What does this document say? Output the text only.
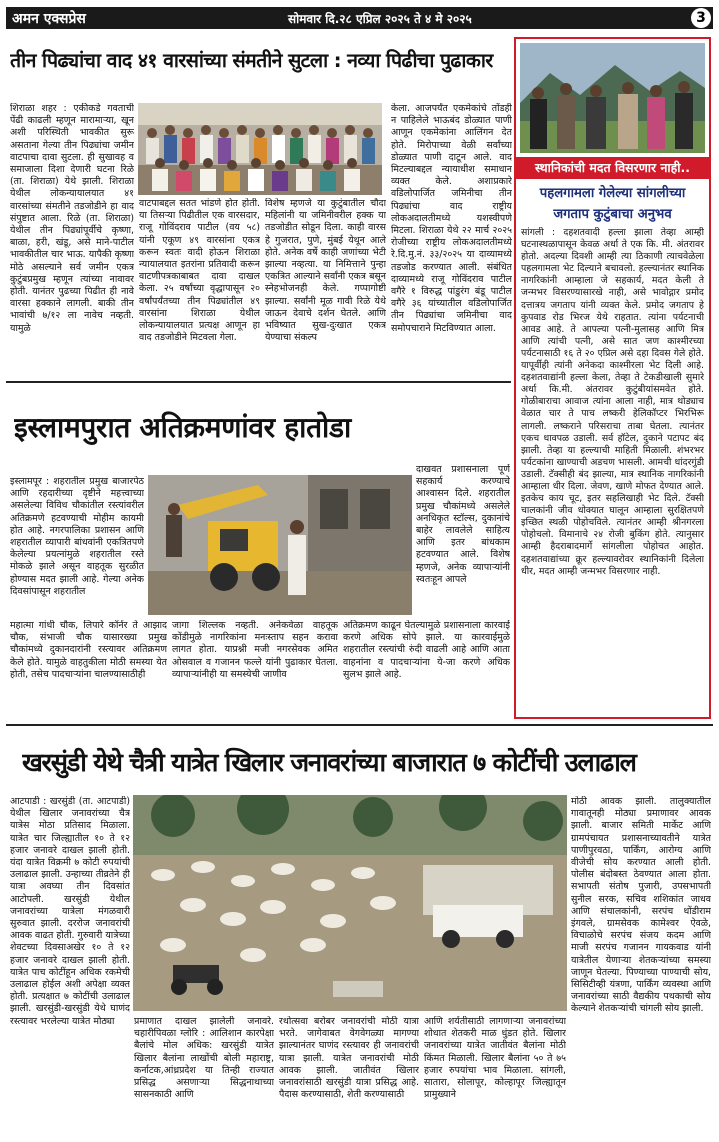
अमन एक्सप्रेस	सोमवार दि.२८ एप्रिल २०२५ ते ४ मे २०२५	3
तीन पिढ्यांचा वाद ४१ वारसांच्या संमतीने सुटला : नव्या पिढीचा पुढाकार

शिराळा शहर : एकीकडे गवताची पेंढी काढली म्हणून मारामार्‍या, खून अशी परिस्थिती भावकीत सुरू असताना गेल्या तीन पिढ्यांचा जमीन वाटपाचा दावा सुटला. ही सुखावह व समाजाला दिशा देणारी घटना रिळे (ता. शिराळा) येथे झाली. शिराळा येथील लोकन्यायालयात ४१ वारसांच्या संमतीने तडजोडीने हा वाद संपुष्टात आला. रिळे (ता. शिराळा) येथील तीन पिढ्यांपूर्वीचे कृष्णा, बाळा, हरी, खंडू, असे माने-पाटील भावकीतील चार भाऊ. यापैकी कृष्णा मोठे असल्याने सर्व जमीन एकत्र कुटुंबप्रमुख म्हणून त्यांच्या नावावर होती. यानंतर पुढच्या पिढीत ही नावे वारसा हक्काने लागली. बाकी तीन भावांची ७/१२ ला नावेच नव्हती. यामुळे

वाटपाबद्दल सतत भांडणे होत होती. या तिसर्‍या पिढीतील एक वारसदार, राजू गोविंदराव पाटील (वय ५८) यांनी एकूण ४९ वारसांना एकत्र करून स्वतः वादी होऊन शिराळा न्यायालयात इतरांना प्रतिवादी करून वाटणीपत्रकाबाबत दावा दाखल केला. २५ वर्षांच्या वृद्धापासून २० वर्षांपर्यंतच्या तीन पिढ्यांतील ४९ वारसांना शिराळा येथील लोकन्यायालयात प्रत्यक्ष आणून हा वाद तडजोडीने मिटवला गेला.

विशेष म्हणजे या कुटुंबातील चौदा महिलांनी या जमिनीवरील हक्क या तडजोडीत सोडून दिला. काही वारस हे गुजरात, पुणे, मुंबई येथून आले होते. अनेक वर्षे काही जणांच्या भेटी झाल्या नव्हत्या. या निमित्ताने पुन्हा एकत्रित आल्याने सर्वांनी एकत्र बसून स्नेहभोजनही केले. गप्पागोष्टी झाल्या. सर्वांनी मूळ गावी रिळे येथे जाऊन देवाचे दर्शन घेतले. आणि भविष्यात सुख-दुःखात एकत्र येण्याचा संकल्प

केला. आजपर्यंत एकमेकांचे तोंडही न पाहिलेले भाऊबंद डोळ्यात पाणी आणून एकमेकांना आलिंगन देत होते. मिरोपाच्या वेळी सर्वांच्या डोळ्यात पाणी दाटून आले. वाद मिटल्याबद्दल न्यायाधीश समाधान व्यक्त केले. अशाप्रकारे वडिलोपार्जित जमिनीचा तीन पिढ्यांचा वाद राष्ट्रीय लोकअदालतीमध्ये यशस्वीपणे मिटला. शिराळा येथे २२ मार्च २०२५ रोजीच्या राष्ट्रीय लोकअदालतीमध्ये रे.दि.मु.नं. ३३/२०२५ या दाव्यामध्ये तडजोड करण्यात आली. संबंधित दाव्यामध्ये राजू गोविंदराव पाटील वगैरे १ विरुद्ध पांडुरंग बंडू पाटील वगैरे ३६ यांच्यातील वडिलोपार्जित तीन पिढ्यांचा जमिनीचा वाद समोपचाराने मिटविण्यात आला.

स्थानिकांची मदत विसरणार नाही..
पहलगामला गेलेल्या सांगलीच्या
जगताप कुटुंबाचा अनुभव

सांगली : दहशतवादी हल्ला झाला तेव्हा आम्ही घटनास्थळापासून केवळ अर्धा ते एक कि. मी. अंतरावर होतो. अदल्या दिवशी आम्ही त्या ठिकाणी त्याचवेळेला पहलगामला भेट दिल्याने बचावलो. हल्ल्यानंतर स्थानिक नागरिकांनी आम्हाला जे सहकार्य, मदत केली ते जन्मभर विसरण्यासारखे नाही, असे भावोद्गार प्रमोद दत्तात्रय जगताप यांनी व्यक्त केले. प्रमोद जगताप हे कुपवाड रोड भिरज येथे राहतात. त्यांना पर्यटनाची आवड आहे. ते आपल्या पत्नी-मुलासह आणि मित्र आणि त्यांची पत्नी, असे सात जण काश्मीरच्या पर्यटनासाठी १६ ते २० एप्रिल असे दहा दिवस गेले होते. यापूर्वीही त्यांनी अनेकदा काश्मीरला भेट दिली आहे. दहशतवाद्यांनी हल्ला केला, तेव्हा ते टेकडीखाली सुमारे अर्धा कि.मी. अंतरावर कुटुंबीयांसमवेत होते. गोळीबाराचा आवाज त्यांना आला नाही, मात्र थोड्याच वेळात चार ते पाच लष्करी हेलिकॉप्टर भिरभिरू लागली. लष्कराने परिसराचा ताबा घेतला. त्यानंतर एकच धावपळ उडाली. सर्व हॉटेल, दुकाने पटापट बंद झाली. तेव्हा या हल्ल्याची माहिती मिळाली. शंभरभर पर्यटकांना खाण्याची अडचण भासली. आमची धांदरगुंडी उडाली. टॅक्सीही बंद झाल्या, मात्र स्थानिक नागरिकांनी आम्हाला धीर दिला. जेवण, खाणे मोफत देण्यात आले. इतकेच काय चूट, इतर सहलिखाही भेट दिले. टॅक्सी चालकांनी जीव धोक्यात घालून आम्हाला सुरक्षितपणे इच्छित स्थळी पोहोचविले. त्यानंतर आम्ही श्रीनगरला पोहोचलो. विमानाचे २४ रोजी बुकिंग होते. त्यानुसार आम्ही हैदराबादमार्गे सांगलीला पोहोचत आहोत. दहशतवाद्यांच्या क्रूर हल्ल्यावरोवर स्थानिकांनी दिलेला धीर, मदत आम्ही जन्मभर विसरणार नाही.

इस्लामपुरात अतिक्रमणांवर हातोडा

इस्लामपूर : शहरातील प्रमुख बाजारपेठ आणि रहदारीच्या दृष्टीने महत्त्वाच्या असलेल्या विविध चौकांतील रस्त्यांवरील अतिक्रमणे हटवण्याची मोहीम कायमी होत आहे. नगरपालिका प्रशासन आणि शहरातील व्यापारी बांधवांनी एकत्रितपणे केलेल्या प्रयत्नांमुळे शहरातील रस्ते मोकळे झाले असून वाहतूक सुरळीत होण्यास मदत झाली आहे. गेल्या अनेक दिवसांपासून शहरातील

दाखवत प्रशासनाला पूर्ण सहकार्य करण्याचे आश्वासन दिले. शहरातील प्रमुख चौकांमध्ये असलेले अनधिकृत स्टॉल्स, दुकानांचे बाहेर लावलेले साहित्य आणि इतर बांधकाम हटवण्यात आले. विशेष म्हणजे, अनेक व्यापार्‍यांनी स्वतःहून आपले

महात्मा गांधी चौक, लिपारे कॉर्नर ते आझाद चौक, संभाजी चौक यासारख्या प्रमुख चौकांमध्ये दुकानदारांनी रस्त्यावर अतिक्रमण केले होते. यामुळे वाहतुकीला मोठी समस्या येत होती, तसेच पादचार्‍यांना चालण्यासाठीही

जागा शिल्लक नव्हती. अनेकवेळा वाहतूक कोंडीमुळे नागरिकांना मनःस्ताप सहन करावा लागत होता. याप्रश्नी मजी नगरसेवक अमित ओसवाल व गजानन फल्ले यांनी पुढाकार घेतला. व्यापार्‍यांनीही या समस्येची जाणीव

अतिक्रमण काढून घेतल्यामुळे प्रशासनाला कारवाई करणे अधिक सोपे झाले. या कारवाईमुळे शहरातील रस्त्यांची रुंदी वाढली आहे आणि आता वाहनांना व पादचार्‍यांना ये-जा करणे अधिक सुलभ झाले आहे.

खरसुंडी येथे चैत्री यात्रेत खिलार जनावरांच्या बाजारात ७ कोटींची उलाढाल

आटपाडी : खरसुंडी (ता. आटपाडी) येथील खिलार जनावरांच्या चैत्र यात्रेस मोठा प्रतिसाद मिळाला. यात्रेत चार जिल्ह्यातील १० ते १२ हजार जनावरे दाखल झाली होती. यंदा यात्रेत विक्रमी ७ कोटी रुपयांची उलाढाल झाली. उन्हाच्या तीव्रतेने ही यात्रा अवघ्या तीन दिवसांत आटोपली. खरसुंडी येथील जनावरांच्या यात्रेला मंगळवारी सुरुवात झाली. दररोज जनावरांची आवक वाढत होती. गुरुवारी यात्रेच्या शेवटच्या दिवसाअखेर १० ते १२ हजार जनावरे दाखल झाली होती. यात्रेत पाच कोटींहून अधिक रकमेची उलाढाल होईल अशी अपेक्षा व्यक्त होती. प्रत्यक्षात ७ कोटींची उलाढाल झाली. खरसुंडी-खरसुंडी येथे घाणंद रस्त्यावर भरलेल्या यात्रेत मोठ्या

मोठी आवक झाली. तालुक्यातील गावातूनही मोठ्या प्रमाणावर आवक झाली. बाजार समिती मार्केट आणि ग्रामपंचायत प्रशासनाच्यावतीने यात्रेत पाणीपुरवठा, पार्किंग, आरोग्य आणि वीजेची सोय करण्यात आली होती. पोलीस बंदोबस्त ठेवण्यात आला होता. सभापती संतोष पुजारी, उपसभापती सुनील सरक, सचिव शशिकांत जाधव आणि संचालकांनी, सरपंच धोंडीराम इंगवले, ग्रामसेवक कामेश्वर ऐवळे, विचाळोचे सरपंच संजय कदम आणि माजी सरपंच गजानन गायकवाड यांनी यात्रेतील येणाऱ्या शेतकऱ्यांच्या समस्या जाणून घेतल्या. पिण्याच्या पाण्याची सोय, सिसिटीव्ही यंत्रणा, पार्किंग व्यवस्था आणि जनावरांच्या साठी वैद्यकीय पथकाची सोय केल्याने शेतकऱ्यांची चांगली सोय झाली.

प्रमाणात दाखल झालेली जनावरे. चहारीपिवळा ग्लोरि : आलिशान कारपेक्षा बैलांचे मोल अधिक: खरसुंडी यात्रेत खिलार बैलांना लाखोंची बोली महाराष्ट्र, कर्नाटक,आंध्रप्रदेश या तिन्ही राज्यात प्रसिद्ध असणाऱ्या सिद्धनाथाच्या सासनकाठी आणि

रथोत्सवा बरोबर जनावरांची मोठी यात्रा भरते. जागेवाबत वेगवेगळ्या मागण्या झाल्यानंतर घाणंद रस्त्यावर ही जनावरांची यात्रा झाली. यात्रेत जनावरांची मोठी आवक झाली. जातीवंत खिलार जनावरांसाठी खरसुंडी यात्रा प्रसिद्ध आहे. पैदास करण्यासाठी, शेती करण्यासाठी

आणि शर्यतीसाठी लागणाऱ्या जनावरांच्या शोधात शेतकरी माळ धुंडत होते. खिलार जनावरांच्या यात्रेत जातीवंत बैलांना मोठी किंमत मिळाली. खिलार बैलांना ५० ते ७५ हजार रुपयांचा भाव मिळाला. सांगली, सातारा, सोलापूर, कोल्हापूर जिल्ह्यातून प्रामुख्याने
